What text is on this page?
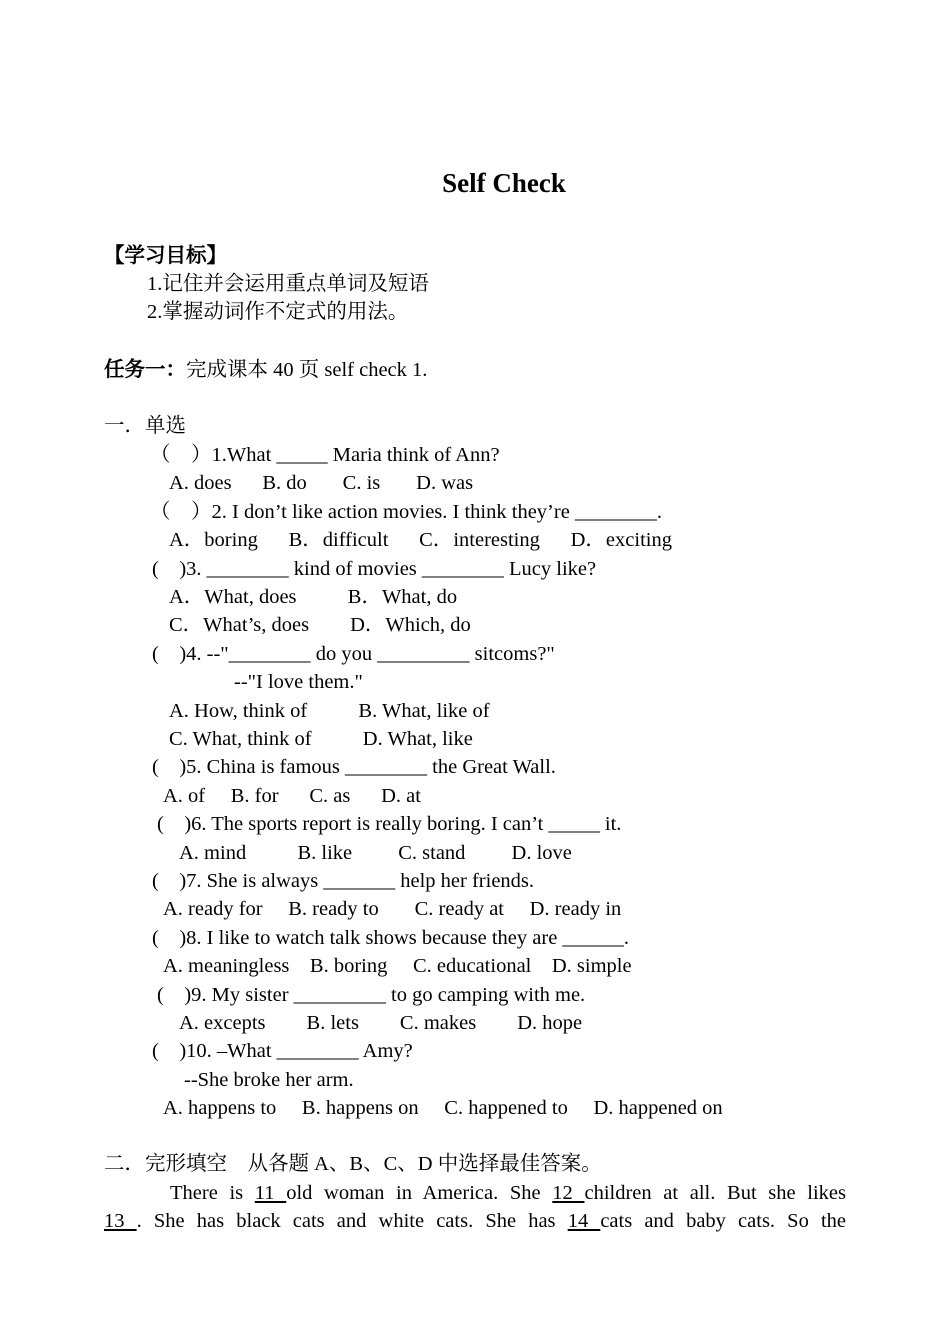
Self Check
【学习目标】
1.记住并会运用重点单词及短语
2.掌握动词作不定式的用法。
任务一：完成课本 40 页 self check 1.
一．单选
（　）1.What _____ Maria think of Ann?
A. does      B. do       C. is       D. was
（　）2. I don’t like action movies. I think they’re ________.
A．boring      B．difficult      C．interesting      D．exciting
(    )3. ________ kind of movies ________ Lucy like?
A．What, does          B．What, do
C．What’s, does        D．Which, do
(    )4. --"________ do you _________ sitcoms?"
--"I love them."
A. How, think of          B. What, like of
C. What, think of          D. What, like
(    )5. China is famous ________ the Great Wall.
A. of     B. for      C. as      D. at
(    )6. The sports report is really boring. I can’t _____ it.
A. mind          B. like         C. stand         D. love
(    )7. She is always _______ help her friends.
A. ready for     B. ready to       C. ready at     D. ready in
(    )8. I like to watch talk shows because they are ______.
A. meaningless    B. boring     C. educational    D. simple
(    )9. My sister _________ to go camping with me.
A. excepts        B. lets        C. makes        D. hope
(    )10. –What ________ Amy?
--She broke her arm.
A. happens to     B. happens on     C. happened to     D. happened on
二．完形填空　从各题 A、B、C、D 中选择最佳答案。
There is 11 old woman in America. She 12 children at all. But she likes
13 . She has black cats and white cats. She has 14 cats and baby cats. So the
